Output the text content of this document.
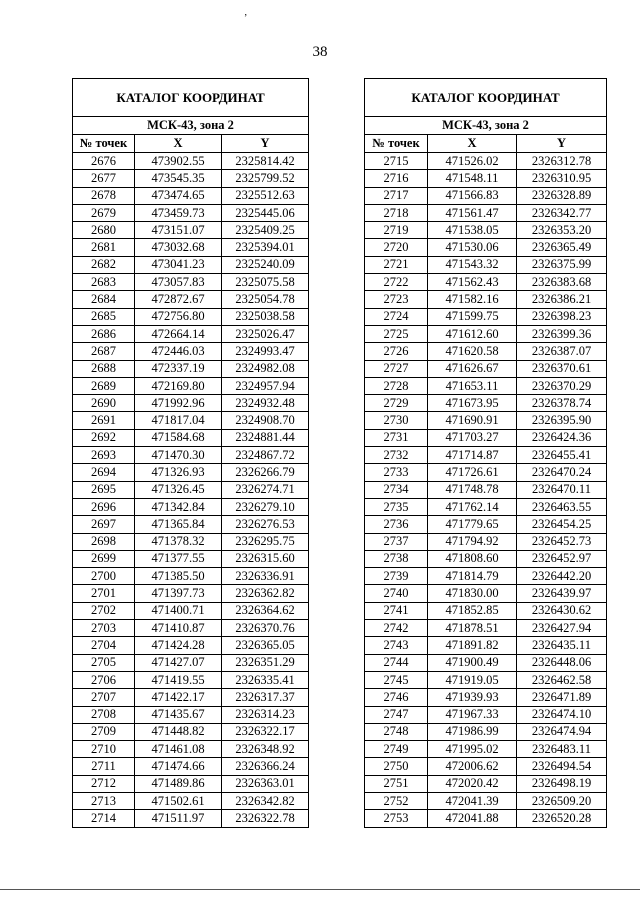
’
38
КАТАЛОГ КООРДИНАТ		
МСК-43, зона 2		
№ точек	X	Y
2676	473902.55	2325814.42
2677	473545.35	2325799.52
2678	473474.65	2325512.63
2679	473459.73	2325445.06
2680	473151.07	2325409.25
2681	473032.68	2325394.01
2682	473041.23	2325240.09
2683	473057.83	2325075.58
2684	472872.67	2325054.78
2685	472756.80	2325038.58
2686	472664.14	2325026.47
2687	472446.03	2324993.47
2688	472337.19	2324982.08
2689	472169.80	2324957.94
2690	471992.96	2324932.48
2691	471817.04	2324908.70
2692	471584.68	2324881.44
2693	471470.30	2324867.72
2694	471326.93	2326266.79
2695	471326.45	2326274.71
2696	471342.84	2326279.10
2697	471365.84	2326276.53
2698	471378.32	2326295.75
2699	471377.55	2326315.60
2700	471385.50	2326336.91
2701	471397.73	2326362.82
2702	471400.71	2326364.62
2703	471410.87	2326370.76
2704	471424.28	2326365.05
2705	471427.07	2326351.29
2706	471419.55	2326335.41
2707	471422.17	2326317.37
2708	471435.67	2326314.23
2709	471448.82	2326322.17
2710	471461.08	2326348.92
2711	471474.66	2326366.24
2712	471489.86	2326363.01
2713	471502.61	2326342.82
2714	471511.97	2326322.78
КАТАЛОГ КООРДИНАТ		
МСК-43, зона 2		
№ точек	X	Y
2715	471526.02	2326312.78
2716	471548.11	2326310.95
2717	471566.83	2326328.89
2718	471561.47	2326342.77
2719	471538.05	2326353.20
2720	471530.06	2326365.49
2721	471543.32	2326375.99
2722	471562.43	2326383.68
2723	471582.16	2326386.21
2724	471599.75	2326398.23
2725	471612.60	2326399.36
2726	471620.58	2326387.07
2727	471626.67	2326370.61
2728	471653.11	2326370.29
2729	471673.95	2326378.74
2730	471690.91	2326395.90
2731	471703.27	2326424.36
2732	471714.87	2326455.41
2733	471726.61	2326470.24
2734	471748.78	2326470.11
2735	471762.14	2326463.55
2736	471779.65	2326454.25
2737	471794.92	2326452.73
2738	471808.60	2326452.97
2739	471814.79	2326442.20
2740	471830.00	2326439.97
2741	471852.85	2326430.62
2742	471878.51	2326427.94
2743	471891.82	2326435.11
2744	471900.49	2326448.06
2745	471919.05	2326462.58
2746	471939.93	2326471.89
2747	471967.33	2326474.10
2748	471986.99	2326474.94
2749	471995.02	2326483.11
2750	472006.62	2326494.54
2751	472020.42	2326498.19
2752	472041.39	2326509.20
2753	472041.88	2326520.28
